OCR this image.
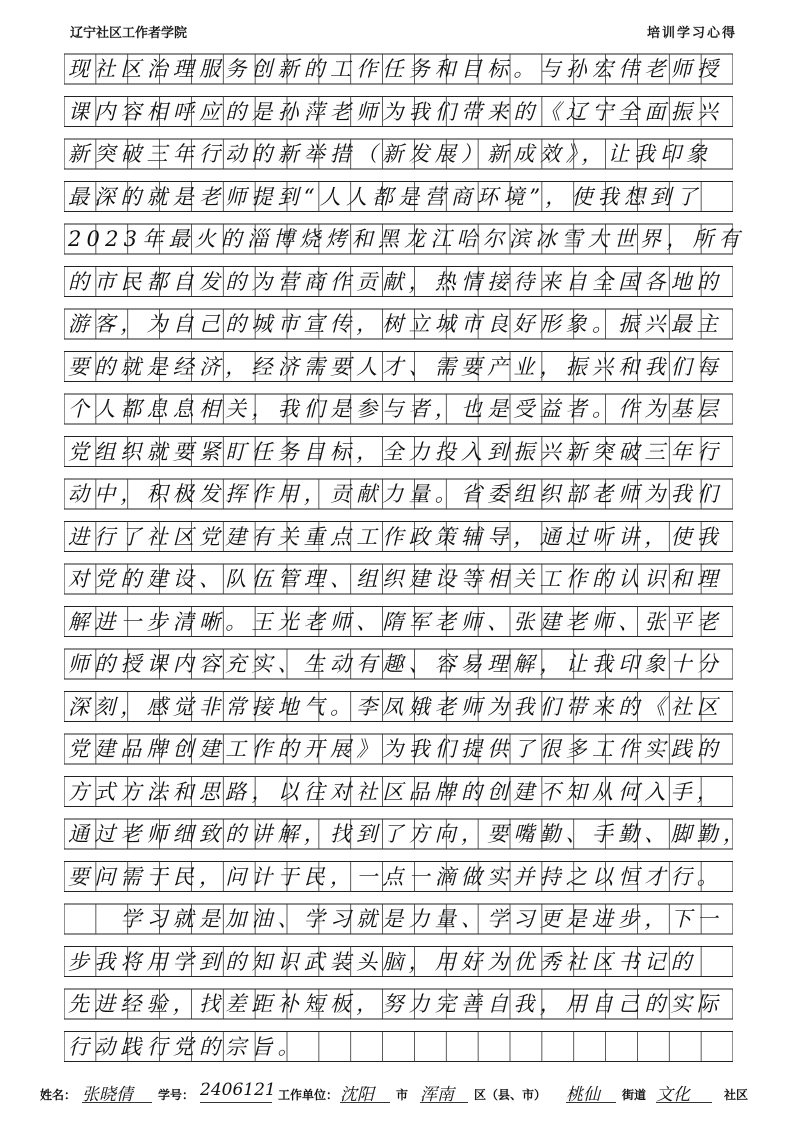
辽宁社区工作者学院	培训学习心得
现社区治理服务创新的工作任务和目标。与孙宏伟老师授
课内容相呼应的是孙萍老师为我们带来的《辽宁全面振兴
新突破三年行动的新举措（新发展）新成效》，让我印象
最深的就是老师提到“人人都是营商环境”，使我想到了
2023年最火的淄博烧烤和黑龙江哈尔滨冰雪大世界，所有
的市民都自发的为营商作贡献，热情接待来自全国各地的
游客，为自己的城市宣传，树立城市良好形象。振兴最主
要的就是经济，经济需要人才、需要产业，振兴和我们每
个人都息息相关，我们是参与者，也是受益者。作为基层
党组织就要紧盯任务目标，全力投入到振兴新突破三年行
动中，积极发挥作用，贡献力量。省委组织部老师为我们
进行了社区党建有关重点工作政策辅导，通过听讲，使我
对党的建设、队伍管理、组织建设等相关工作的认识和理
解进一步清晰。王光老师、隋军老师、张建老师、张平老
师的授课内容充实、生动有趣、容易理解，让我印象十分
深刻，感觉非常接地气。李凤娥老师为我们带来的《社区
党建品牌创建工作的开展》为我们提供了很多工作实践的
方式方法和思路，以往对社区品牌的创建不知从何入手，
通过老师细致的讲解，找到了方向，要嘴勤、手勤、脚勤，
要问需于民，问计于民，一点一滴做实并持之以恒才行。
　　学习就是加油、学习就是力量、学习更是进步，下一
步我将用学到的知识武装头脑，用好为优秀社区书记的
先进经验，找差距补短板，努力完善自我，用自己的实际
行动践行党的宗旨。
姓名： 张晓倩 学号： 2406121 工作单位： 沈阳 市 浑南 区（县、市） 桃仙 街道 文化	社区
